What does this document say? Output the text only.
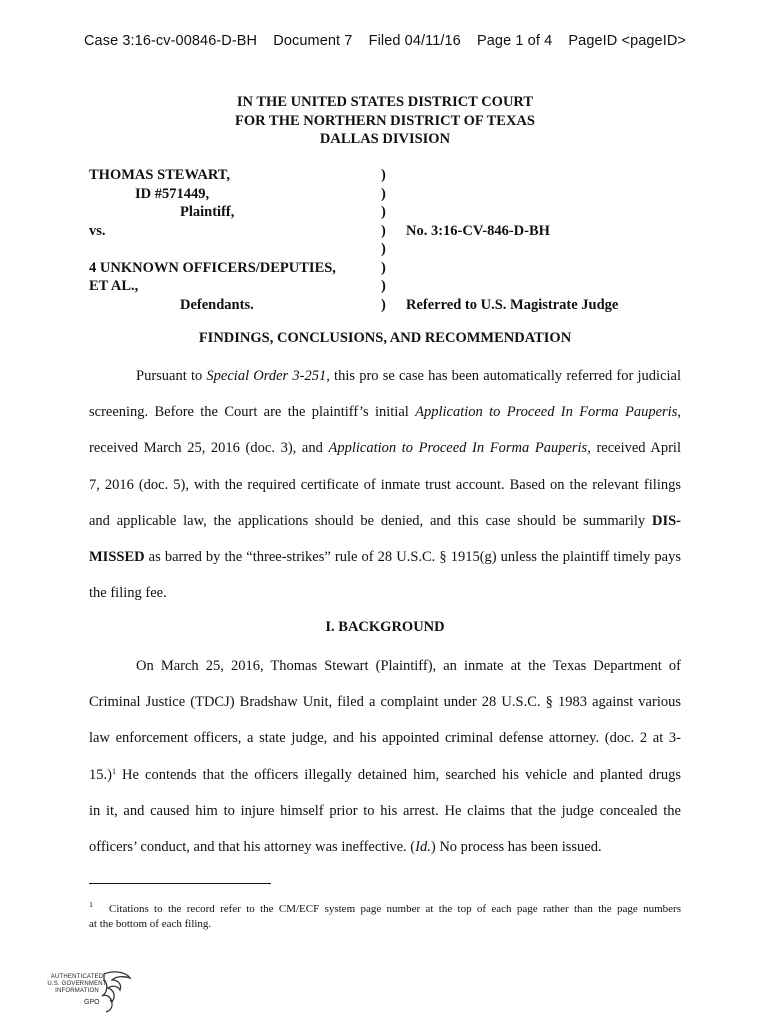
Case 3:16-cv-00846-D-BH Document 7 Filed 04/11/16 Page 1 of 4 PageID <pageID>
IN THE UNITED STATES DISTRICT COURT
FOR THE NORTHERN DISTRICT OF TEXAS
DALLAS DIVISION
THOMAS STEWART,
ID #571449,
Plaintiff,
vs.
4 UNKNOWN OFFICERS/DEPUTIES,
ET AL.,
Defendants.
)
)
)
)
)
)
)
)
No. 3:16-CV-846-D-BH
Referred to U.S. Magistrate Judge
FINDINGS, CONCLUSIONS, AND RECOMMENDATION
Pursuant to Special Order 3-251, this pro se case has been automatically referred for judicial
screening. Before the Court are the plaintiff’s initial Application to Proceed In Forma Pauperis,
received March 25, 2016 (doc. 3), and Application to Proceed In Forma Pauperis, received April
7, 2016 (doc. 5), with the required certificate of inmate trust account. Based on the relevant filings
and applicable law, the applications should be denied, and this case should be summarily DIS-
MISSED as barred by the “three-strikes” rule of 28 U.S.C. § 1915(g) unless the plaintiff timely pays
the filing fee.
I. BACKGROUND
On March 25, 2016, Thomas Stewart (Plaintiff), an inmate at the Texas Department of
Criminal Justice (TDCJ) Bradshaw Unit, filed a complaint under 28 U.S.C. § 1983 against various
law enforcement officers, a state judge, and his appointed criminal defense attorney. (doc. 2 at 3-
15.)$^1$ He contends that the officers illegally detained him, searched his vehicle and planted drugs
in it, and caused him to injure himself prior to his arrest. He claims that the judge concealed the
officers’ conduct, and that his attorney was ineffective. (Id.) No process has been issued.
$^1$ Citations to the record refer to the CM/ECF system page number at the top of each page rather than the page numbers
at the bottom of each filing.
AUTHENTICATED
U.S. GOVERNMENT
INFORMATION
GPO
